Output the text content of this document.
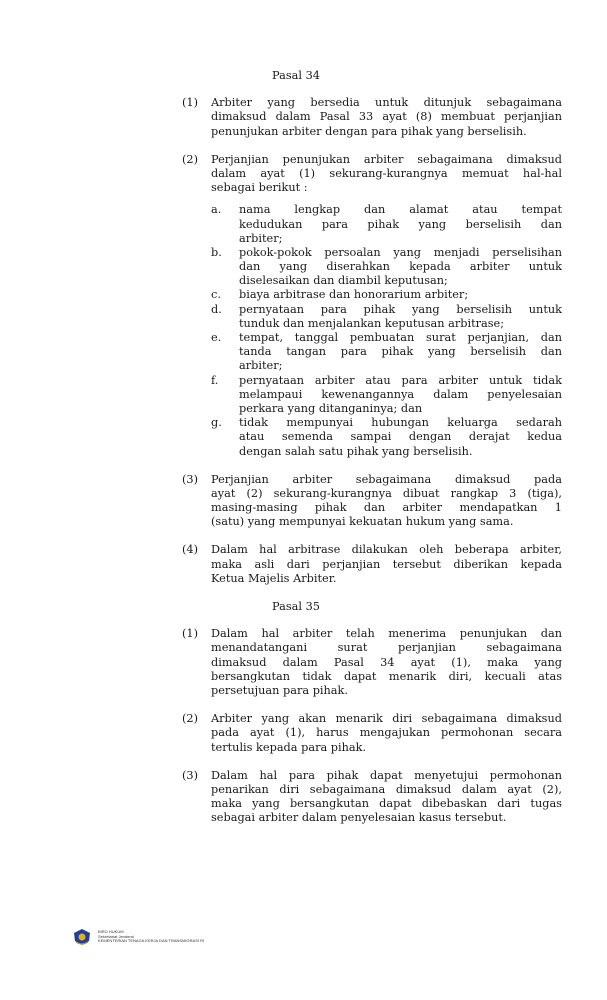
Pasal 34
(1) Arbiter yang bersedia untuk ditunjuk sebagaimana
dimaksud dalam Pasal 33 ayat (8) membuat perjanjian
penunjukan arbiter dengan para pihak yang berselisih.
(2) Perjanjian penunjukan arbiter sebagaimana dimaksud
dalam ayat (1) sekurang-kurangnya memuat hal-hal
sebagai berikut :
a. nama lengkap dan alamat atau tempat
kedudukan para pihak yang berselisih dan
arbiter;
b. pokok-pokok persoalan yang menjadi perselisihan
dan yang diserahkan kepada arbiter untuk
diselesaikan dan diambil keputusan;
c. biaya arbitrase dan honorarium arbiter;
d. pernyataan para pihak yang berselisih untuk
tunduk dan menjalankan keputusan arbitrase;
e. tempat, tanggal pembuatan surat perjanjian, dan
tanda tangan para pihak yang berselisih dan
arbiter;
f. pernyataan arbiter atau para arbiter untuk tidak
melampaui kewenangannya dalam penyelesaian
perkara yang ditanganinya; dan
g. tidak mempunyai hubungan keluarga sedarah
atau semenda sampai dengan derajat kedua
dengan salah satu pihak yang berselisih.
(3) Perjanjian arbiter sebagaimana dimaksud pada
ayat (2) sekurang-kurangnya dibuat rangkap 3 (tiga),
masing-masing pihak dan arbiter mendapatkan 1
(satu) yang mempunyai kekuatan hukum yang sama.
(4) Dalam hal arbitrase dilakukan oleh beberapa arbiter,
maka asli dari perjanjian tersebut diberikan kepada
Ketua Majelis Arbiter.
Pasal 35
(1) Dalam hal arbiter telah menerima penunjukan dan
menandatangani surat perjanjian sebagaimana
dimaksud dalam Pasal 34 ayat (1), maka yang
bersangkutan tidak dapat menarik diri, kecuali atas
persetujuan para pihak.
(2) Arbiter yang akan menarik diri sebagaimana dimaksud
pada ayat (1), harus mengajukan permohonan secara
tertulis kepada para pihak.
(3) Dalam hal para pihak dapat menyetujui permohonan
penarikan diri sebagaimana dimaksud dalam ayat (2),
maka yang bersangkutan dapat dibebaskan dari tugas
sebagai arbiter dalam penyelesaian kasus tersebut.
BIRO HUKUM
Sekretariat Jenderal
KEMENTERIAN TENAGA KERJA DAN TRANSMIGRASI RI
